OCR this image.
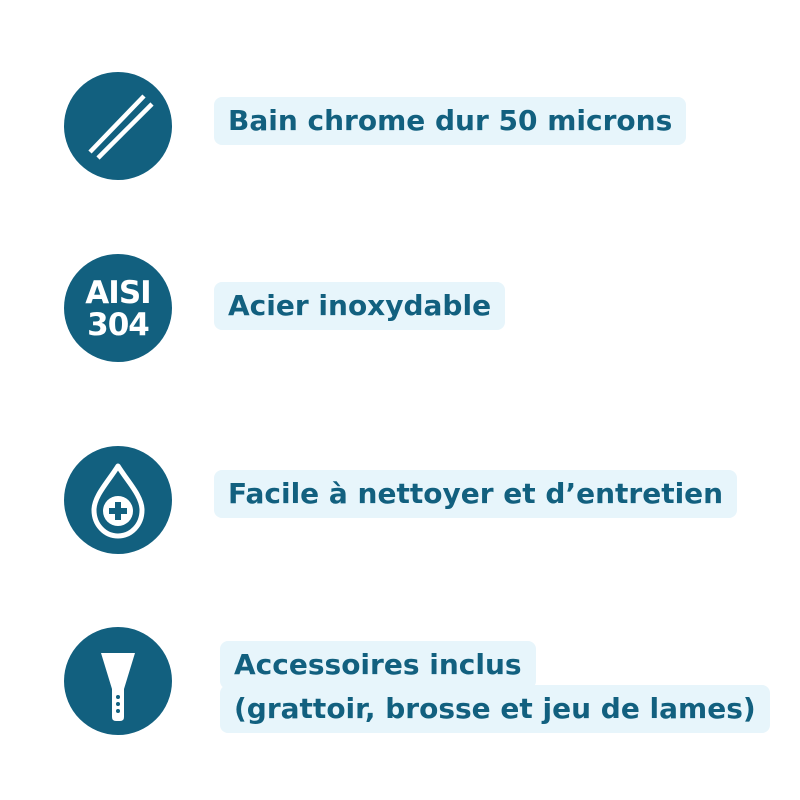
Bain chrome dur 50 microns
AISI
304
Acier inoxydable
Facile à nettoyer et d’entretien
Accessoires inclus
(grattoir, brosse et jeu de lames)
